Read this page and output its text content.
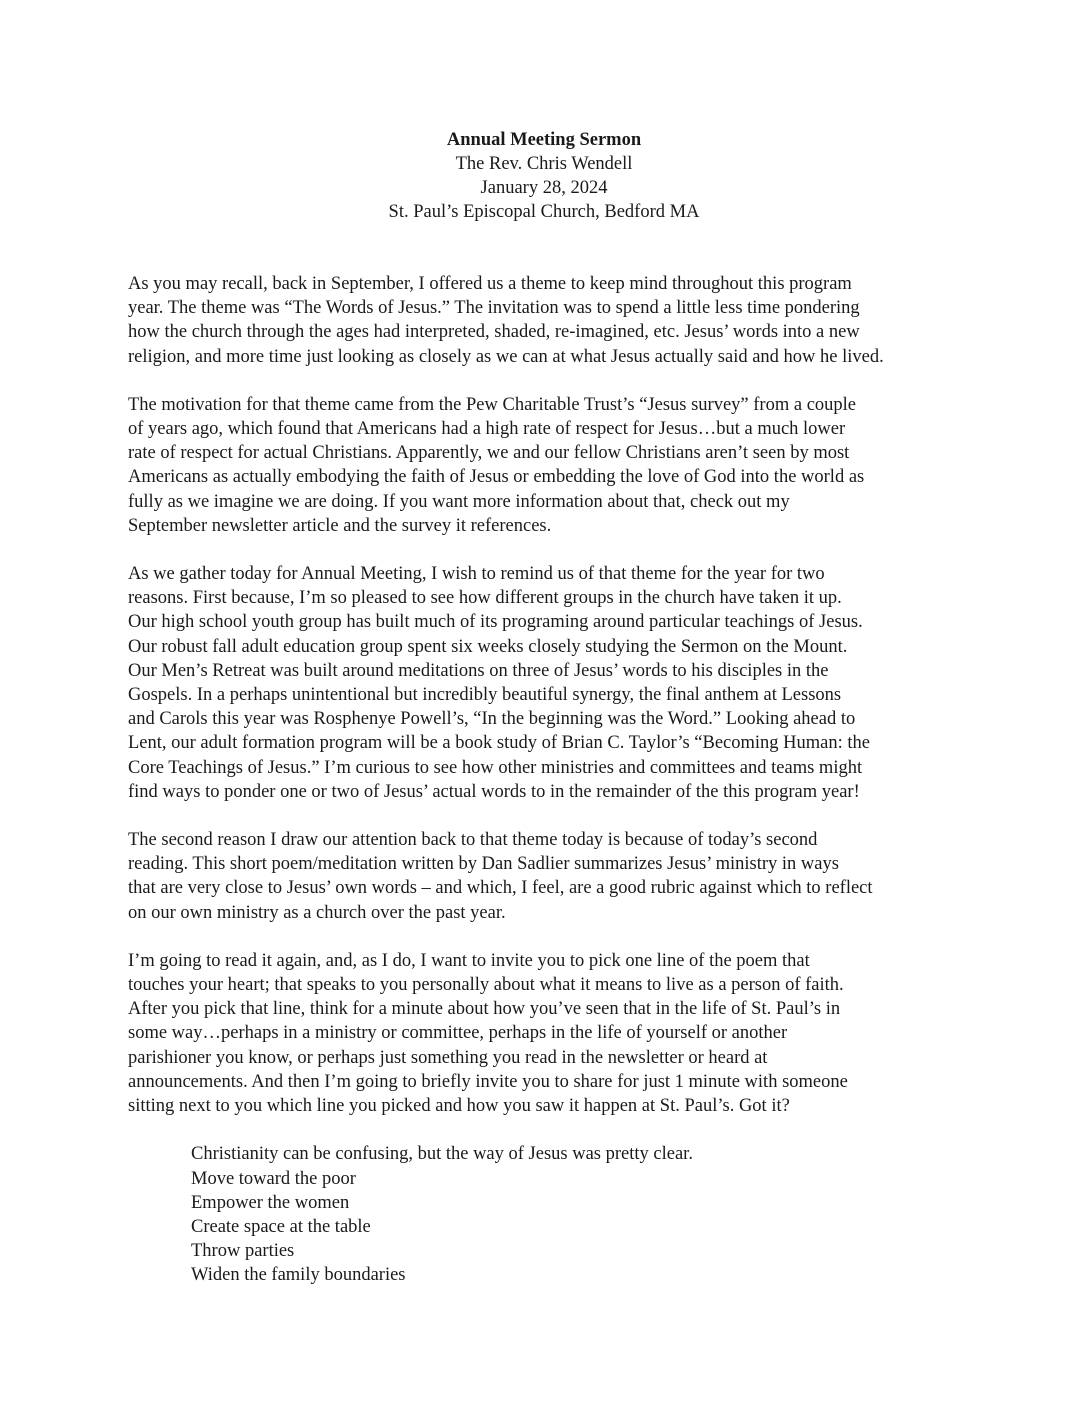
Annual Meeting Sermon
The Rev. Chris Wendell
January 28, 2024
St. Paul’s Episcopal Church, Bedford MA

As you may recall, back in September, I offered us a theme to keep mind throughout this program
year. The theme was “The Words of Jesus.” The invitation was to spend a little less time pondering
how the church through the ages had interpreted, shaded, re-imagined, etc. Jesus’ words into a new
religion, and more time just looking as closely as we can at what Jesus actually said and how he lived.

The motivation for that theme came from the Pew Charitable Trust’s “Jesus survey” from a couple
of years ago, which found that Americans had a high rate of respect for Jesus…but a much lower
rate of respect for actual Christians. Apparently, we and our fellow Christians aren’t seen by most
Americans as actually embodying the faith of Jesus or embedding the love of God into the world as
fully as we imagine we are doing. If you want more information about that, check out my
September newsletter article and the survey it references.

As we gather today for Annual Meeting, I wish to remind us of that theme for the year for two
reasons. First because, I’m so pleased to see how different groups in the church have taken it up.
Our high school youth group has built much of its programing around particular teachings of Jesus.
Our robust fall adult education group spent six weeks closely studying the Sermon on the Mount.
Our Men’s Retreat was built around meditations on three of Jesus’ words to his disciples in the
Gospels. In a perhaps unintentional but incredibly beautiful synergy, the final anthem at Lessons
and Carols this year was Rosphenye Powell’s, “In the beginning was the Word.” Looking ahead to
Lent, our adult formation program will be a book study of Brian C. Taylor’s “Becoming Human: the
Core Teachings of Jesus.” I’m curious to see how other ministries and committees and teams might
find ways to ponder one or two of Jesus’ actual words to in the remainder of the this program year!

The second reason I draw our attention back to that theme today is because of today’s second
reading. This short poem/meditation written by Dan Sadlier summarizes Jesus’ ministry in ways
that are very close to Jesus’ own words – and which, I feel, are a good rubric against which to reflect
on our own ministry as a church over the past year.

I’m going to read it again, and, as I do, I want to invite you to pick one line of the poem that
touches your heart; that speaks to you personally about what it means to live as a person of faith.
After you pick that line, think for a minute about how you’ve seen that in the life of St. Paul’s in
some way…perhaps in a ministry or committee, perhaps in the life of yourself or another
parishioner you know, or perhaps just something you read in the newsletter or heard at
announcements. And then I’m going to briefly invite you to share for just 1 minute with someone
sitting next to you which line you picked and how you saw it happen at St. Paul’s. Got it?

Christianity can be confusing, but the way of Jesus was pretty clear.
Move toward the poor
Empower the women
Create space at the table
Throw parties
Widen the family boundaries
